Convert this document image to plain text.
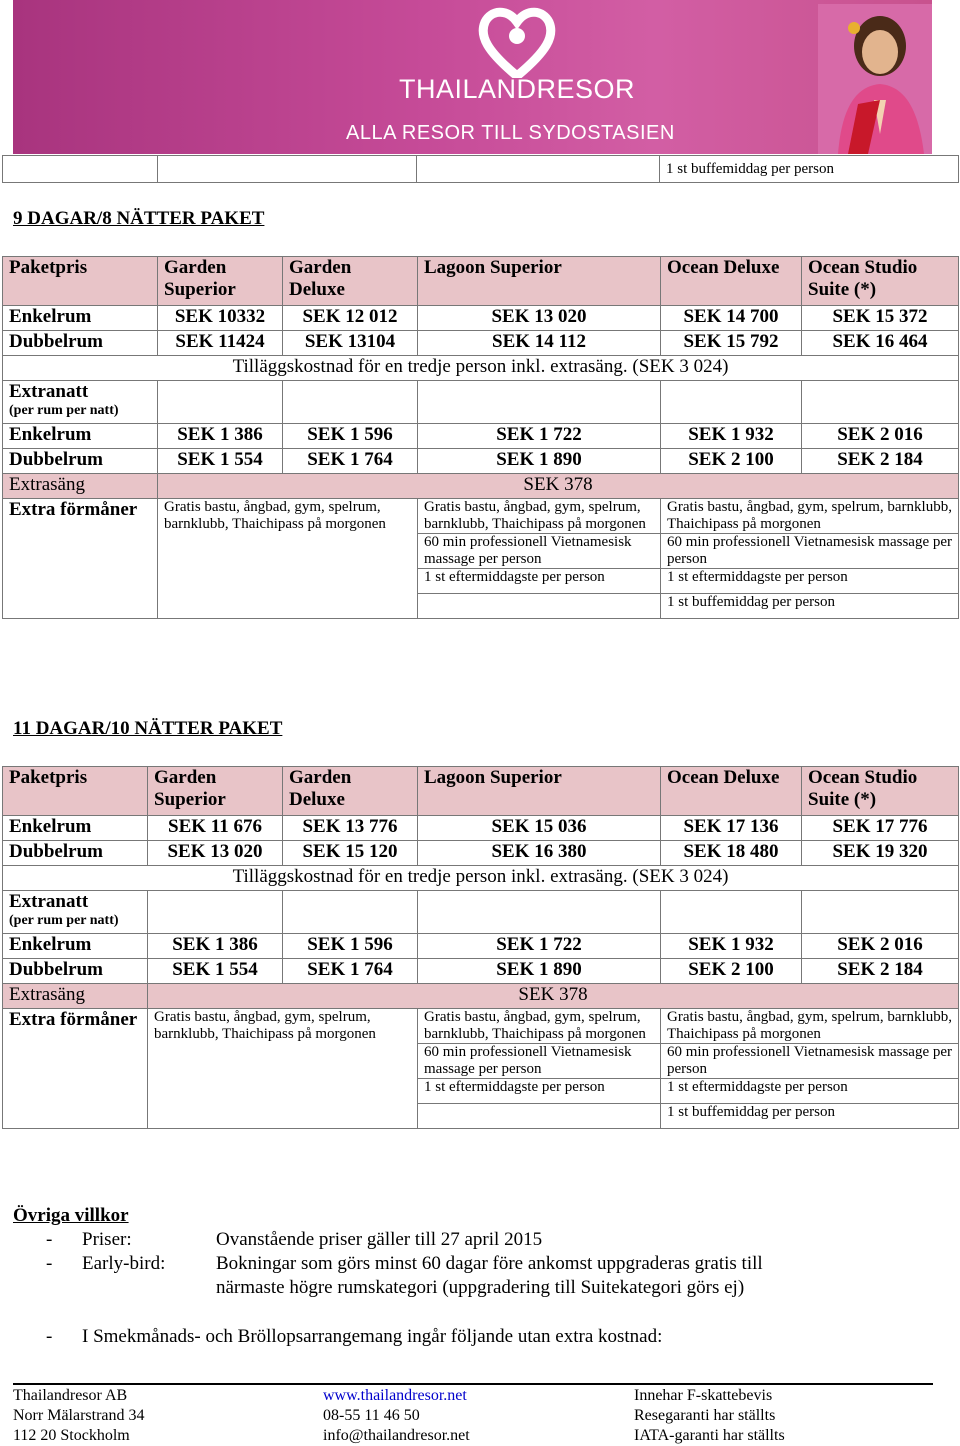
THAILANDRESOR
ALLA RESOR TILL SYDOSTASIEN
			1 st buffemiddag per person
9 DAGAR/8 NÄTTER PAKET
Paketpris	Garden Superior	Garden Deluxe	Lagoon Superior	Ocean Deluxe	Ocean Studio Suite (*)
Enkelrum	SEK 10332	SEK 12 012	SEK 13 020	SEK 14 700	SEK 15 372
Dubbelrum	SEK 11424	SEK 13104	SEK 14 112	SEK 15 792	SEK 16 464
Tilläggskostnad för en tredje person inkl. extrasäng. (SEK 3 024)					

Extranatt
(per rum per natt)					

Enkelrum	SEK 1 386	SEK 1 596	SEK 1 722	SEK 1 932	SEK 2 016
Dubbelrum	SEK 1 554	SEK 1 764	SEK 1 890	SEK 2 100	SEK 2 184
Extrasäng	SEK 378				
Extra förmåner	Gratis bastu, ångbad, gym, spelrum, barnklubb, Thaichipass på morgonen		Gratis bastu, ångbad, gym, spelrum, barnklubb, Thaichipass på morgonen	Gratis bastu, ångbad, gym, spelrum, barnklubb, Thaichipass på morgonen	
			60 min professionell Vietnamesisk massage per person	60 min professionell Vietnamesisk massage per person	
			1 st eftermiddagste per person	1 st eftermiddagste per person	
				1 st buffemiddag per person	
11 DAGAR/10 NÄTTER PAKET
Paketpris	Garden Superior	Garden Deluxe	Lagoon Superior	Ocean Deluxe	Ocean Studio Suite (*)
Enkelrum	SEK 11 676	SEK 13 776	SEK 15 036	SEK 17 136	SEK 17 776
Dubbelrum	SEK 13 020	SEK 15 120	SEK 16 380	SEK 18 480	SEK 19 320
Tilläggskostnad för en tredje person inkl. extrasäng. (SEK 3 024)					

Extranatt
(per rum per natt)					

Enkelrum	SEK 1 386	SEK 1 596	SEK 1 722	SEK 1 932	SEK 2 016
Dubbelrum	SEK 1 554	SEK 1 764	SEK 1 890	SEK 2 100	SEK 2 184
Extrasäng	SEK 378				
Extra förmåner	Gratis bastu, ångbad, gym, spelrum, barnklubb, Thaichipass på morgonen		Gratis bastu, ångbad, gym, spelrum, barnklubb, Thaichipass på morgonen	Gratis bastu, ångbad, gym, spelrum, barnklubb, Thaichipass på morgonen	
			60 min professionell Vietnamesisk massage per person	60 min professionell Vietnamesisk massage per person	
			1 st eftermiddagste per person	1 st eftermiddagste per person	
				1 st buffemiddag per person	
Övriga villkor
- Priser:	Ovanstående priser gäller till 27 april 2015
- Early-bird:	Bokningar som görs minst 60 dagar före ankomst uppgraderas gratis till
närmaste högre rumskategori (uppgradering till Suitekategori görs ej)
- I Smekmånads- och Bröllopsarrangemang ingår följande utan extra kostnad:
Thailandresor AB
Norr Mälarstrand 34
112 20 Stockholm
www.thailandresor.net
08-55 11 46 50
info@thailandresor.net
Innehar F-skattebevis
Resegaranti har ställts
IATA-garanti har ställts
